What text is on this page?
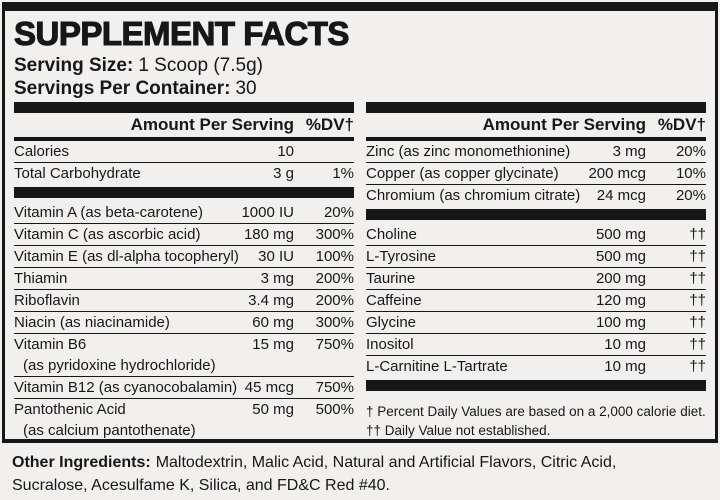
SUPPLEMENT FACTS
Serving Size: 1 Scoop (7.5g)
Servings Per Container: 30
Amount Per Serving %DV†
Calories	10
Total Carbohydrate	3 g	1%
Vitamin A (as beta-carotene)	1000 IU	20%
Vitamin C (as ascorbic acid)	180 mg	300%
Vitamin E (as dl-alpha tocopheryl)	30 IU	100%
Thiamin	3 mg	200%
Riboflavin	3.4 mg	200%
Niacin (as niacinamide)	60 mg	300%
Vitamin B6	15 mg	750%
(as pyridoxine hydrochloride)
Vitamin B12 (as cyanocobalamin) 45 mcg	750%
Pantothenic Acid	50 mg	500%
(as calcium pantothenate)
Amount Per Serving %DV†
Zinc (as zinc monomethionine)	3 mg	20%
Copper (as copper glycinate)	200 mcg	10%
Chromium (as chromium citrate)	24 mcg	20%
Choline	500 mg	††
L-Tyrosine	500 mg	††
Taurine	200 mg	††
Caffeine	120 mg	††
Glycine	100 mg	††
Inositol	10 mg	††
L-Carnitine L-Tartrate	10 mg	††
† Percent Daily Values are based on a 2,000 calorie diet.
†† Daily Value not established.
Other Ingredients: Maltodextrin, Malic Acid, Natural and Artificial Flavors, Citric Acid, Sucralose, Acesulfame K, Silica, and FD&C Red #40.
